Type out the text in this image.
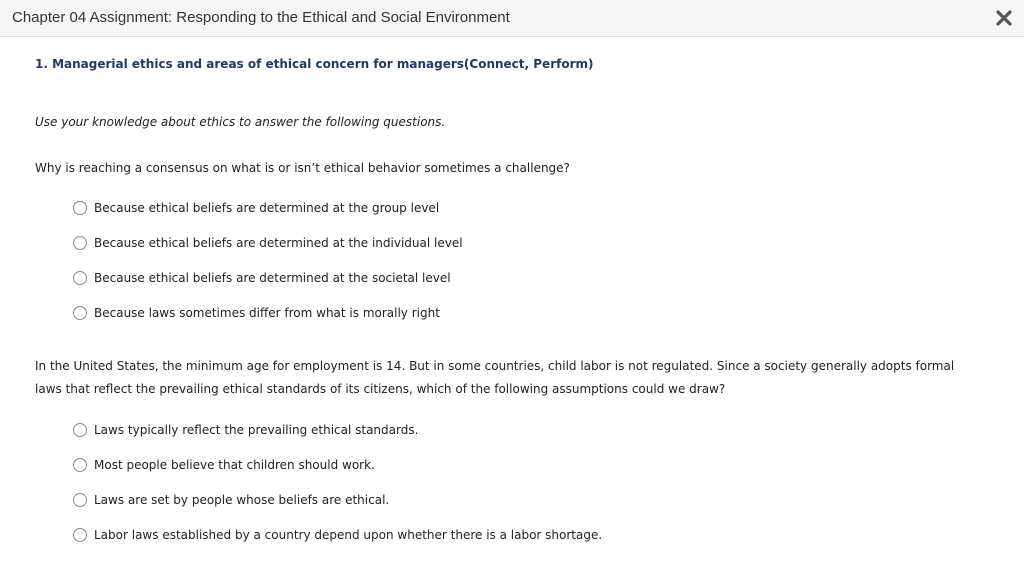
Chapter 04 Assignment: Responding to the Ethical and Social Environment
1. Managerial ethics and areas of ethical concern for managers(Connect, Perform)
Use your knowledge about ethics to answer the following questions.
Why is reaching a consensus on what is or isn’t ethical behavior sometimes a challenge?
Because ethical beliefs are determined at the group level
Because ethical beliefs are determined at the individual level
Because ethical beliefs are determined at the societal level
Because laws sometimes differ from what is morally right
In the United States, the minimum age for employment is 14. But in some countries, child labor is not regulated. Since a society generally adopts formal laws that reflect the prevailing ethical standards of its citizens, which of the following assumptions could we draw?
Laws typically reflect the prevailing ethical standards.
Most people believe that children should work.
Laws are set by people whose beliefs are ethical.
Labor laws established by a country depend upon whether there is a labor shortage.
